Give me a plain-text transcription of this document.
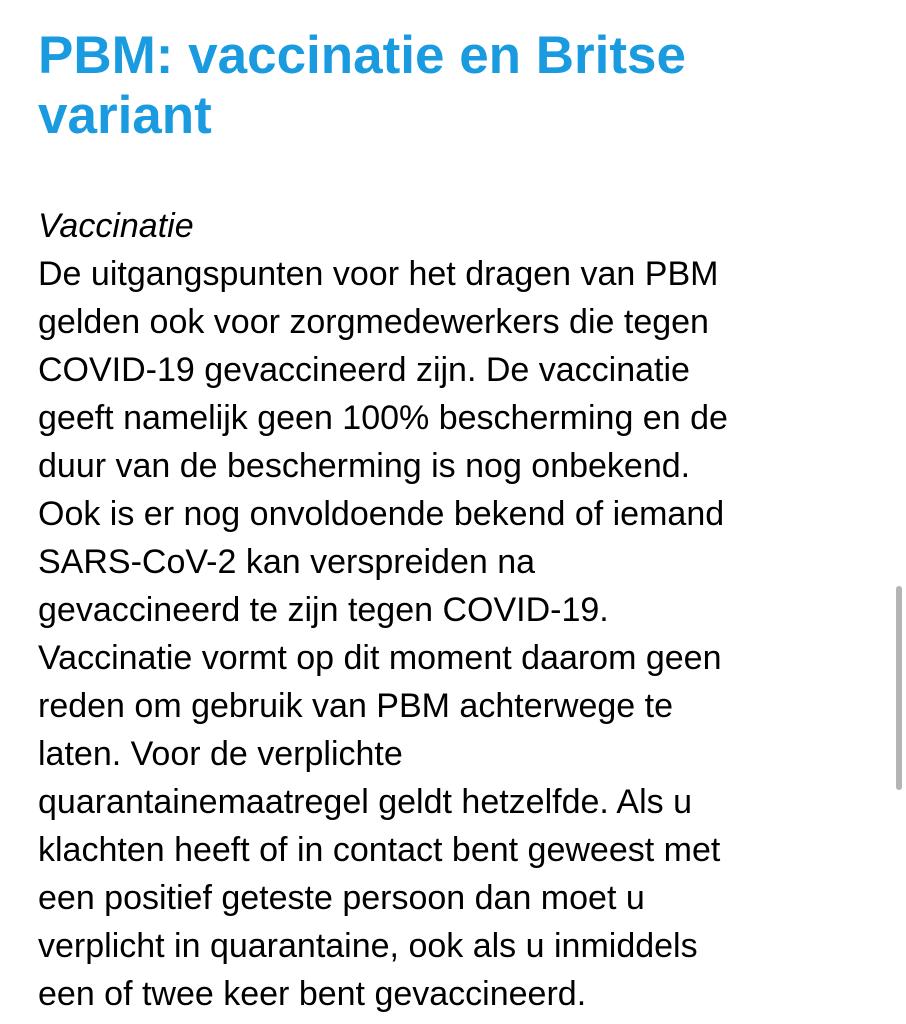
PBM: vaccinatie en Britse
variant
Vaccinatie

De uitgangspunten voor het dragen van PBM
gelden ook voor zorgmedewerkers die tegen
COVID-19 gevaccineerd zijn. De vaccinatie
geeft namelijk geen 100% bescherming en de
duur van de bescherming is nog onbekend.
Ook is er nog onvoldoende bekend of iemand
SARS-CoV-2 kan verspreiden na
gevaccineerd te zijn tegen COVID-19.
Vaccinatie vormt op dit moment daarom geen
reden om gebruik van PBM achterwege te
laten. Voor de verplichte
quarantainemaatregel geldt hetzelfde. Als u
klachten heeft of in contact bent geweest met
een positief geteste persoon dan moet u
verplicht in quarantaine, ook als u inmiddels
een of twee keer bent gevaccineerd.
